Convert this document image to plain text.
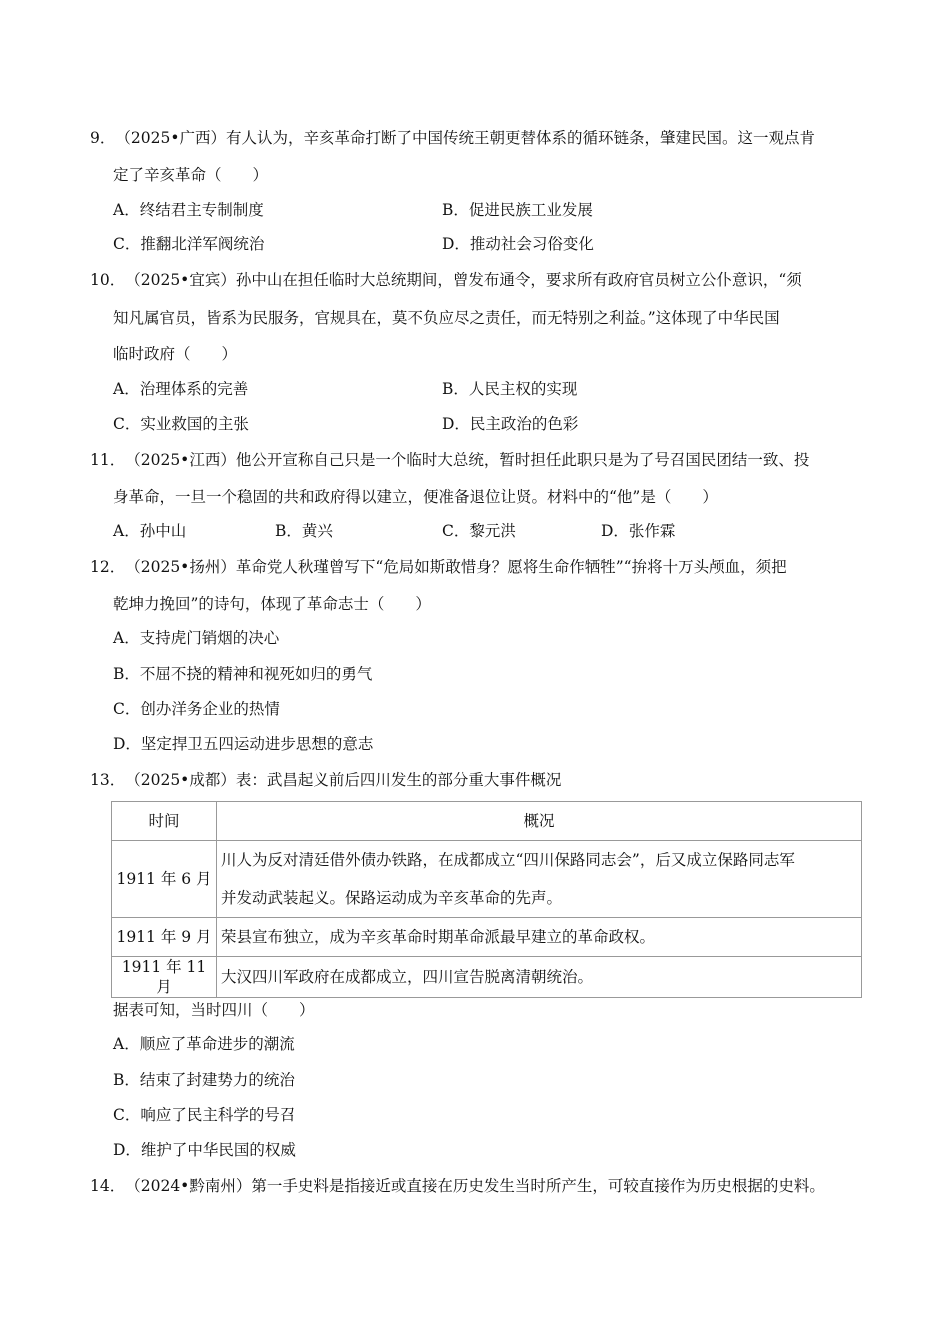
9．（2025•广西）有人认为，辛亥革命打断了中国传统王朝更替体系的循环链条，肇建民国。这一观点肯
定了辛亥革命（　　）
A．终结君主专制制度	B．促进民族工业发展
C．推翻北洋军阀统治	D．推动社会习俗变化
10．（2025•宜宾）孙中山在担任临时大总统期间，曾发布通令，要求所有政府官员树立公仆意识，“须
知凡属官员，皆系为民服务，官规具在，莫不负应尽之责任，而无特别之利益。”这体现了中华民国
临时政府（　　）
A．治理体系的完善	B．人民主权的实现
C．实业救国的主张	D．民主政治的色彩
11．（2025•江西）他公开宣称自己只是一个临时大总统，暂时担任此职只是为了号召国民团结一致、投
身革命，一旦一个稳固的共和政府得以建立，便准备退位让贤。材料中的“他”是（　　）
A．孙中山	B．黄兴	C．黎元洪	D．张作霖
12．（2025•扬州）革命党人秋瑾曾写下“危局如斯敢惜身？愿将生命作牺牲”“拚将十万头颅血，须把
乾坤力挽回”的诗句，体现了革命志士（　　）
A．支持虎门销烟的决心
B．不屈不挠的精神和视死如归的勇气
C．创办洋务企业的热情
D．坚定捍卫五四运动进步思想的意志
13．（2025•成都）表：武昌起义前后四川发生的部分重大事件概况
时间	概况
1911 年 6 月	川人为反对清廷借外债办铁路，在成都成立“四川保路同志会”，后又成立保路同志军
并发动武装起义。保路运动成为辛亥革命的先声。

1911 年 9 月	荣县宣布独立，成为辛亥革命时期革命派最早建立的革命政权。
1911 年 11 月	大汉四川军政府在成都成立，四川宣告脱离清朝统治。
据表可知，当时四川（　　）
A．顺应了革命进步的潮流
B．结束了封建势力的统治
C．响应了民主科学的号召
D．维护了中华民国的权威
14．（2024•黔南州）第一手史料是指接近或直接在历史发生当时所产生，可较直接作为历史根据的史料。
